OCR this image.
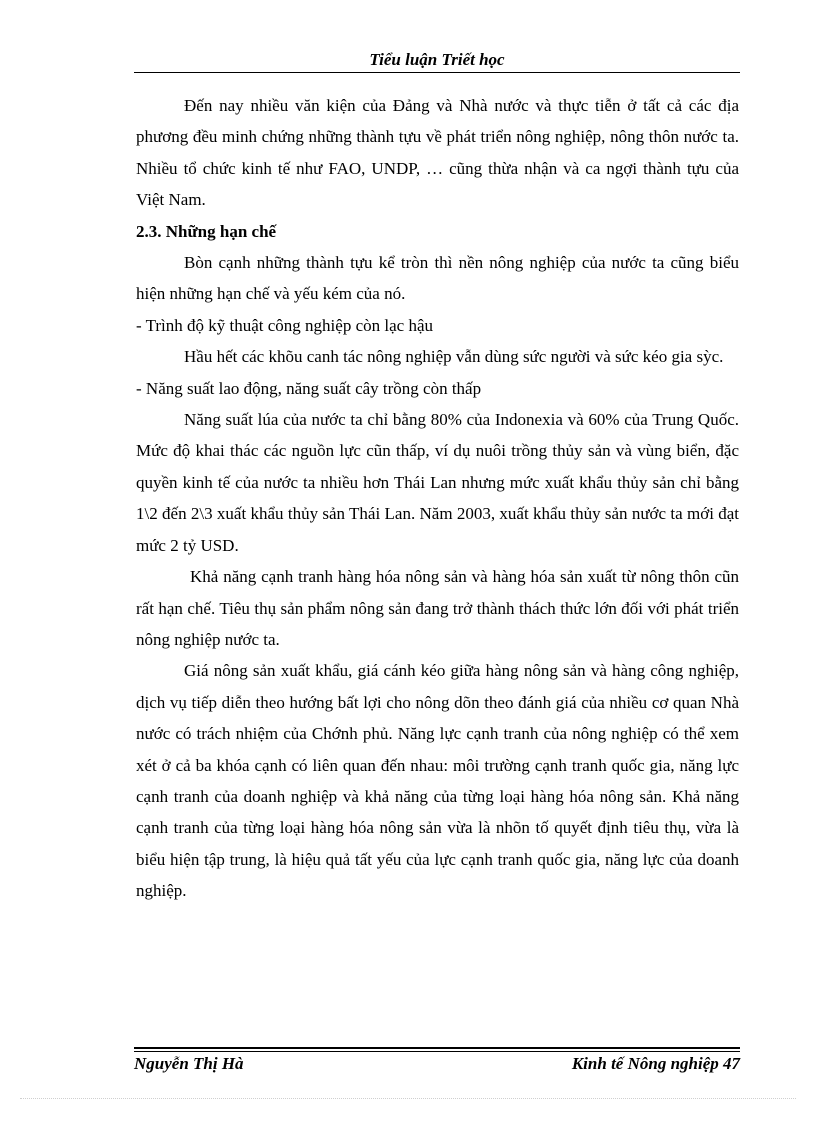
Tiểu luận Triết học

Đến nay nhiều văn kiện của Đảng và Nhà nước và thực tiễn ở tất cả các địa phương đều minh chứng những thành tựu về phát triển nông nghiệp, nông thôn nước ta. Nhiều tổ chức kinh tế như FAO, UNDP, … cũng thừa nhận và ca ngợi thành tựu của Việt Nam.

2.3. Những hạn chế

Bòn cạnh những thành tựu kể tròn thì nền nông nghiệp của nước ta cũng biểu hiện những hạn chế và yếu kém của nó.

- Trình độ kỹ thuật công nghiệp còn lạc hậu

Hầu hết các khõu canh tác nông nghiệp vẫn dùng sức người và sức kéo gia sỳc.

- Năng suất lao động, năng suất cây trồng còn thấp

Năng suất lúa của nước ta chỉ bằng 80% của Indonexia và 60% của Trung Quốc. Mức độ khai thác các nguồn lực cũn thấp, ví dụ nuôi trồng thủy sản và vùng biển, đặc quyền kinh tế của nước ta nhiều hơn Thái Lan nhưng mức xuất khẩu thủy sản chỉ bằng 1\2 đến 2\3 xuất khẩu thủy sản Thái Lan. Năm 2003, xuất khẩu thủy sản nước ta mới đạt mức 2 tỷ USD.

Khả năng cạnh tranh hàng hóa nông sản và hàng hóa sản xuất từ nông thôn cũn rất hạn chế. Tiêu thụ sản phẩm nông sản đang trở thành thách thức lớn đối với phát triển nông nghiệp nước ta.

Giá nông sản xuất khẩu, giá cánh kéo giữa hàng nông sản và hàng công nghiệp, dịch vụ tiếp diễn theo hướng bất lợi cho nông dõn theo đánh giá của nhiều cơ quan Nhà nước có trách nhiệm của Chớnh phủ. Năng lực cạnh tranh của nông nghiệp có thể xem xét ở cả ba khóa cạnh có liên quan đến nhau: môi trường cạnh tranh quốc gia, năng lực cạnh tranh của doanh nghiệp và khả năng của từng loại hàng hóa nông sản. Khả năng cạnh tranh của từng loại hàng hóa nông sản vừa là nhõn tố quyết định tiêu thụ, vừa là biểu hiện tập trung, là hiệu quả tất yếu của lực cạnh tranh quốc gia, năng lực của doanh nghiệp.

Nguyễn Thị Hà	Kinh tế Nông nghiệp 47
